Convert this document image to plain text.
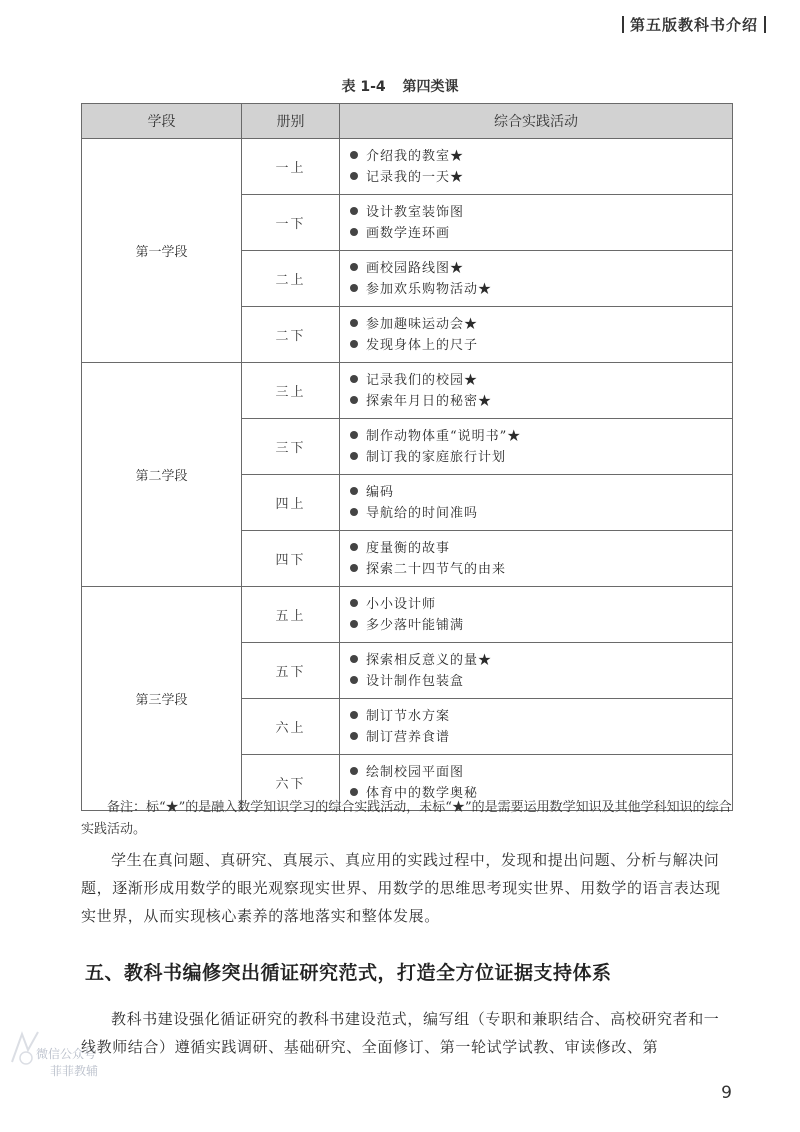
第五版教科书介绍
表 1-4 第四类课
学段	册别	综合实践活动
第一学段	一上	介绍我的教室★
记录我的一天★

	一下	设计教室装饰图
画数学连环画

	二上	画校园路线图★
参加欢乐购物活动★

	二下	参加趣味运动会★
发现身体上的尺子

第二学段	三上	记录我们的校园★
探索年月日的秘密★

	三下	制作动物体重“说明书”★
制订我的家庭旅行计划

	四上	编码
导航给的时间准吗

	四下	度量衡的故事
探索二十四节气的由来

第三学段	五上	小小设计师
多少落叶能铺满

	五下	探索相反意义的量★
设计制作包装盒

	六上	制订节水方案
制订营养食谱

	六下	绘制校园平面图
体育中的数学奥秘
备注：标“★”的是融入数学知识学习的综合实践活动，未标“★”的是需要运用数学知识及其他学科知识的综合实践活动。
学生在真问题、真研究、真展示、真应用的实践过程中，发现和提出问题、分析与解决问题，逐渐形成用数学的眼光观察现实世界、用数学的思维思考现实世界、用数学的语言表达现实世界，从而实现核心素养的落地落实和整体发展。
五、教科书编修突出循证研究范式，打造全方位证据支持体系
教科书建设强化循证研究的教科书建设范式，编写组（专职和兼职结合、高校研究者和一线教师结合）遵循实践调研、基础研究、全面修订、第一轮试学试教、审读修改、第
微信公众号
菲菲教辅
9
